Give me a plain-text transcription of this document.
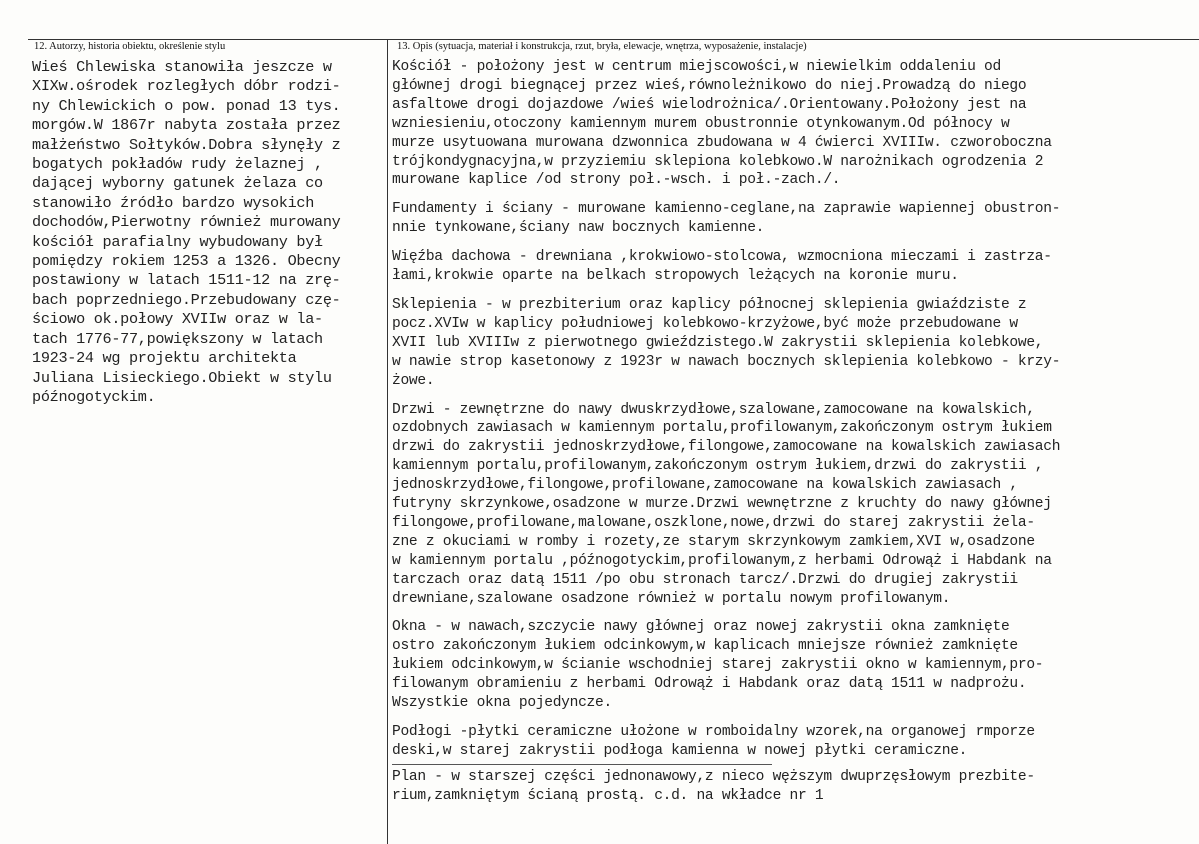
12. Autorzy, historia obiektu, określenie stylu	13. Opis (sytuacja, materiał i konstrukcja, rzut, bryła, elewacje, wnętrza, wyposażenie, instalacje)
Wieś Chlewiska stanowiła jeszcze w
XIXw.ośrodek rozległych dóbr rodzi-
ny Chlewickich o pow. ponad 13 tys.
morgów.W 1867r nabyta została przez
małżeństwo Sołtyków.Dobra słynęły z
bogatych pokładów rudy żelaznej ,
dającej wyborny gatunek żelaza co
stanowiło źródło bardzo wysokich
dochodów,Pierwotny również murowany
kościół parafialny wybudowany był
pomiędzy rokiem 1253 a 1326. Obecny
postawiony w latach 1511-12 na zrę-
bach poprzedniego.Przebudowany czę-
ściowo ok.połowy XVIIw oraz w la-
tach 1776-77,powiększony w latach
1923-24 wg projektu architekta
Juliana Lisieckiego.Obiekt w stylu
późnogotyckim.
Kościół - położony jest w centrum miejscowości,w niewielkim oddaleniu od
głównej drogi biegnącej przez wieś,równoleżnikowo do niej.Prowadzą do niego
asfaltowe drogi dojazdowe /wieś wielodrożnica/.Orientowany.Położony jest na
wzniesieniu,otoczony kamiennym murem obustronnie otynkowanym.Od północy w
murze usytuowana murowana dzwonnica zbudowana w 4 ćwierci XVIIIw. czworoboczna
trójkondygnacyjna,w przyziemiu sklepiona kolebkowo.W narożnikach ogrodzenia 2
murowane kaplice /od strony poł.-wsch. i poł.-zach./.
Fundamenty i ściany - murowane kamienno-ceglane,na zaprawie wapiennej obustron-
nnie tynkowane,ściany naw bocznych kamienne.
Więźba dachowa - drewniana ,krokwiowo-stolcowa, wzmocniona mieczami i zastrza-
łami,krokwie oparte na belkach stropowych leżących na koronie muru.
Sklepienia - w prezbiterium oraz kaplicy północnej sklepienia gwiaździste z
pocz.XVIw w kaplicy południowej kolebkowo-krzyżowe,być może przebudowane w
XVII lub XVIIIw z pierwotnego gwieździstego.W zakrystii sklepienia kolebkowe,
w nawie strop kasetonowy z 1923r w nawach bocznych sklepienia kolebkowo - krzy-
żowe.
Drzwi - zewnętrzne do nawy dwuskrzydłowe,szalowane,zamocowane na kowalskich,
ozdobnych zawiasach w kamiennym portalu,profilowanym,zakończonym ostrym łukiem
drzwi do zakrystii jednoskrzydłowe,filongowe,zamocowane na kowalskich zawiasach
kamiennym portalu,profilowanym,zakończonym ostrym łukiem,drzwi do zakrystii ,
jednoskrzydłowe,filongowe,profilowane,zamocowane na kowalskich zawiasach ,
futryny skrzynkowe,osadzone w murze.Drzwi wewnętrzne z kruchty do nawy głównej
filongowe,profilowane,malowane,oszklone,nowe,drzwi do starej zakrystii żela-
zne z okuciami w romby i rozety,ze starym skrzynkowym zamkiem,XVI w,osadzone
w kamiennym portalu ,późnogotyckim,profilowanym,z herbami Odrowąż i Habdank na
tarczach oraz datą 1511 /po obu stronach tarcz/.Drzwi do drugiej zakrystii
drewniane,szalowane osadzone również w portalu nowym profilowanym.
Okna - w nawach,szczycie nawy głównej oraz nowej zakrystii okna zamknięte
ostro zakończonym łukiem odcinkowym,w kaplicach mniejsze również zamknięte
łukiem odcinkowym,w ścianie wschodniej starej zakrystii okno w kamiennym,pro-
filowanym obramieniu z herbami Odrowąż i Habdank oraz datą 1511 w nadprożu.
Wszystkie okna pojedyncze.
Podłogi -płytki ceramiczne ułożone w romboidalny wzorek,na organowej rmporze
deski,w starej zakrystii podłoga kamienna w nowej płytki ceramiczne.
Plan - w starszej części jednonawowy,z nieco węższym dwuprzęsłowym prezbite-
rium,zamkniętym ścianą prostą. c.d. na wkładce nr 1
